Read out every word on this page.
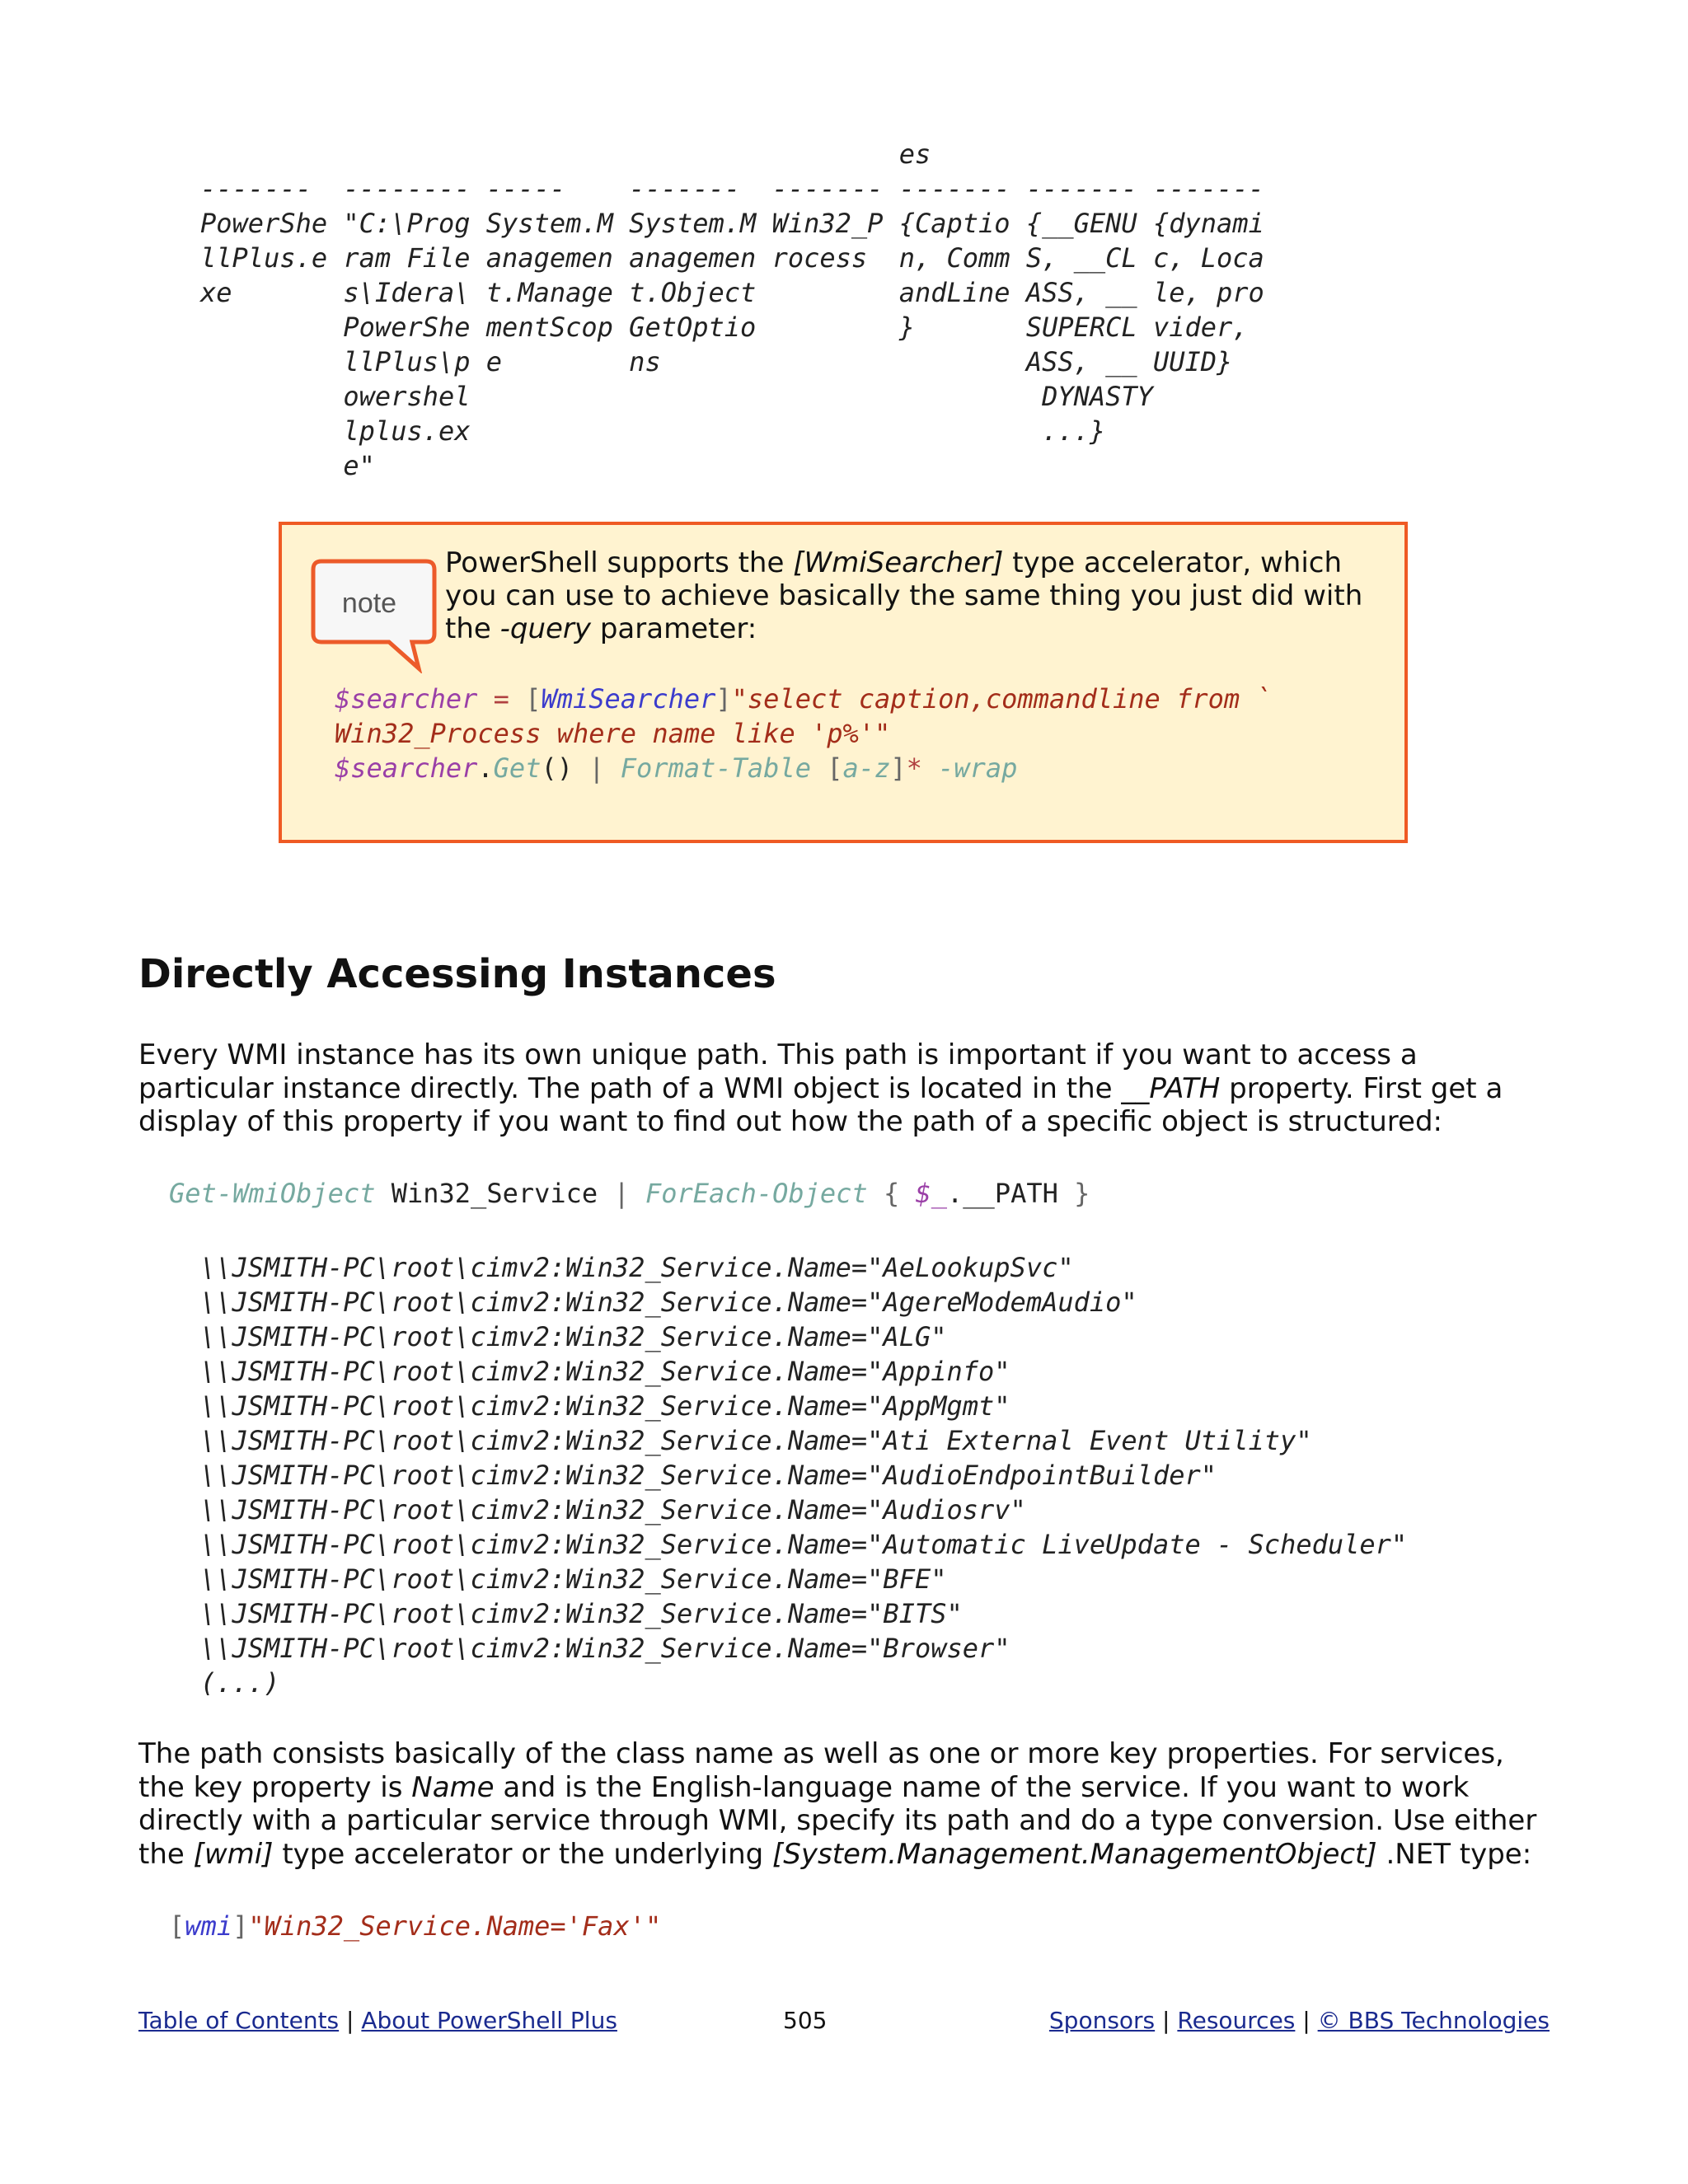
es
-------  -------- -----    -------  ------- ------- ------- -------
PowerShe "C:\Prog System.M System.M Win32_P {Captio {__GENU {dynami
llPlus.e ram File anagemen anagemen rocess  n, Comm S, __CL c, Loca
xe       s\Idera\ t.Manage t.Object         andLine ASS, __ le, pro
PowerShe mentScop GetOptio         }       SUPERCL vider,
llPlus\p e        ns                       ASS, __ UUID}
owershel                                    DYNASTY
lplus.ex                                    ...}
e"
note

PowerShell supports the [WmiSearcher] type accelerator, which you can use to achieve basically the same thing you just did with the -query parameter:

$searcher = [WmiSearcher]"select caption,commandline from `
Win32_Process where name like 'p%'"
$searcher.Get() | Format-Table [a-z]* -wrap
Directly Accessing Instances

Every WMI instance has its own unique path. This path is important if you want to access a particular instance directly. The path of a WMI object is located in the __PATH property. First get a display of this property if you want to find out how the path of a specific object is structured:

Get-WmiObject Win32_Service | ForEach-Object { $_.__PATH }
\\JSMITH-PC\root\cimv2:Win32_Service.Name="AeLookupSvc"
\\JSMITH-PC\root\cimv2:Win32_Service.Name="AgereModemAudio"
\\JSMITH-PC\root\cimv2:Win32_Service.Name="ALG"
\\JSMITH-PC\root\cimv2:Win32_Service.Name="Appinfo"
\\JSMITH-PC\root\cimv2:Win32_Service.Name="AppMgmt"
\\JSMITH-PC\root\cimv2:Win32_Service.Name="Ati External Event Utility"
\\JSMITH-PC\root\cimv2:Win32_Service.Name="AudioEndpointBuilder"
\\JSMITH-PC\root\cimv2:Win32_Service.Name="Audiosrv"
\\JSMITH-PC\root\cimv2:Win32_Service.Name="Automatic LiveUpdate - Scheduler"
\\JSMITH-PC\root\cimv2:Win32_Service.Name="BFE"
\\JSMITH-PC\root\cimv2:Win32_Service.Name="BITS"
\\JSMITH-PC\root\cimv2:Win32_Service.Name="Browser"
(...)

The path consists basically of the class name as well as one or more key properties. For services, the key property is Name and is the English-language name of the service. If you want to work directly with a particular service through WMI, specify its path and do a type conversion. Use either the [wmi] type accelerator or the underlying [System.Management.ManagementObject] .NET type:

[wmi]"Win32_Service.Name='Fax'"
Table of Contents | About PowerShell Plus	505	Sponsors | Resources | © BBS Technologies
